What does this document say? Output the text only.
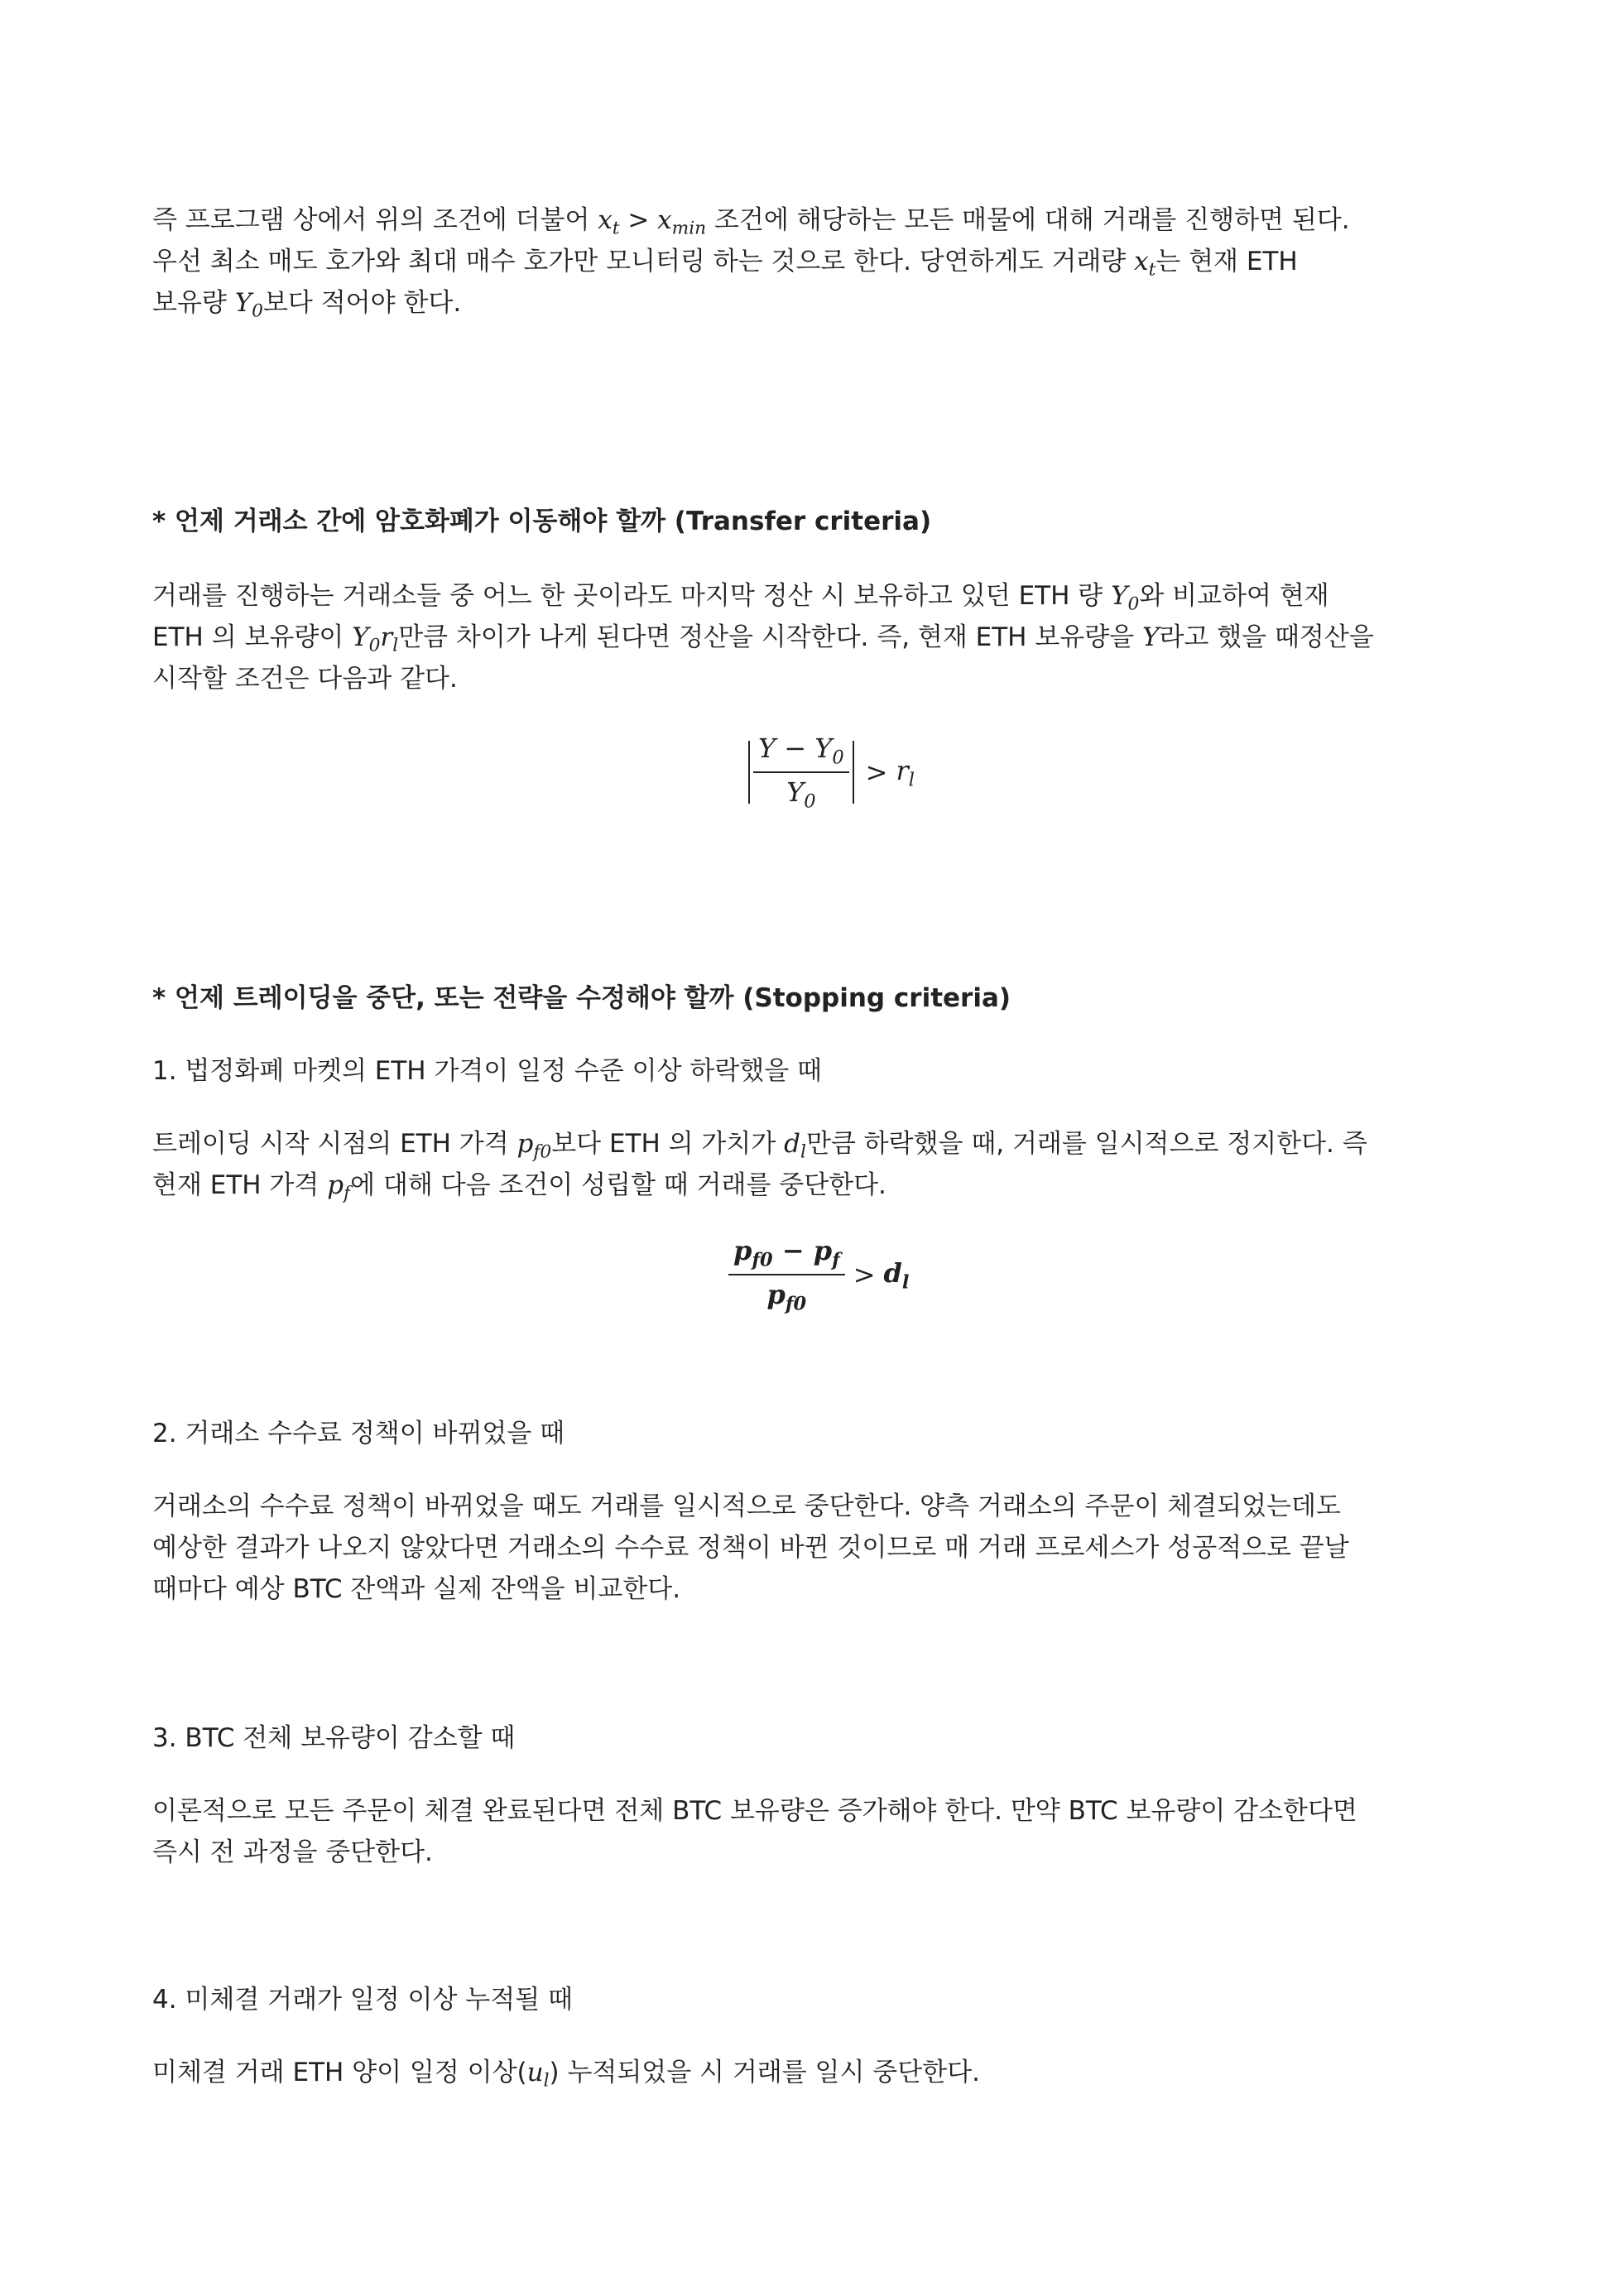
즉 프로그램 상에서 위의 조건에 더불어 $x_t > x_{min}$ 조건에 해당하는 모든 매물에 대해 거래를 진행하면 된다.

우선 최소 매도 호가와 최대 매수 호가만 모니터링 하는 것으로 한다. 당연하게도 거래량 $x_t$는 현재 ETH

보유량 $Y_0$보다 적어야 한다.

* 언제 거래소 간에 암호화폐가 이동해야 할까 (Transfer criteria)

거래를 진행하는 거래소들 중 어느 한 곳이라도 마지막 정산 시 보유하고 있던 ETH 량 $Y_0$와 비교하여 현재

ETH 의 보유량이 $Y_0r_l$만큼 차이가 나게 된다면 정산을 시작한다. 즉, 현재 ETH 보유량을 Y라고 했을 때정산을

시작할 조건은 다음과 같다.

$\frac{Y - Y_0}{Y_0} > r_l$

* 언제 트레이딩을 중단, 또는 전략을 수정해야 할까 (Stopping criteria)

1. 법정화폐 마켓의 ETH 가격이 일정 수준 이상 하락했을 때

트레이딩 시작 시점의 ETH 가격 $p_{f0}$보다 ETH 의 가치가 $d_l$만큼 하락했을 때, 거래를 일시적으로 정지한다. 즉

현재 ETH 가격 $p_f$에 대해 다음 조건이 성립할 때 거래를 중단한다.

$\frac{p_{f0} - p_f}{p_{f0}} > d_l$

2. 거래소 수수료 정책이 바뀌었을 때

거래소의 수수료 정책이 바뀌었을 때도 거래를 일시적으로 중단한다. 양측 거래소의 주문이 체결되었는데도

예상한 결과가 나오지 않았다면 거래소의 수수료 정책이 바뀐 것이므로 매 거래 프로세스가 성공적으로 끝날

때마다 예상 BTC 잔액과 실제 잔액을 비교한다.

3. BTC 전체 보유량이 감소할 때

이론적으로 모든 주문이 체결 완료된다면 전체 BTC 보유량은 증가해야 한다. 만약 BTC 보유량이 감소한다면

즉시 전 과정을 중단한다.

4. 미체결 거래가 일정 이상 누적될 때

미체결 거래 ETH 양이 일정 이상$(u_l)$ 누적되었을 시 거래를 일시 중단한다.
